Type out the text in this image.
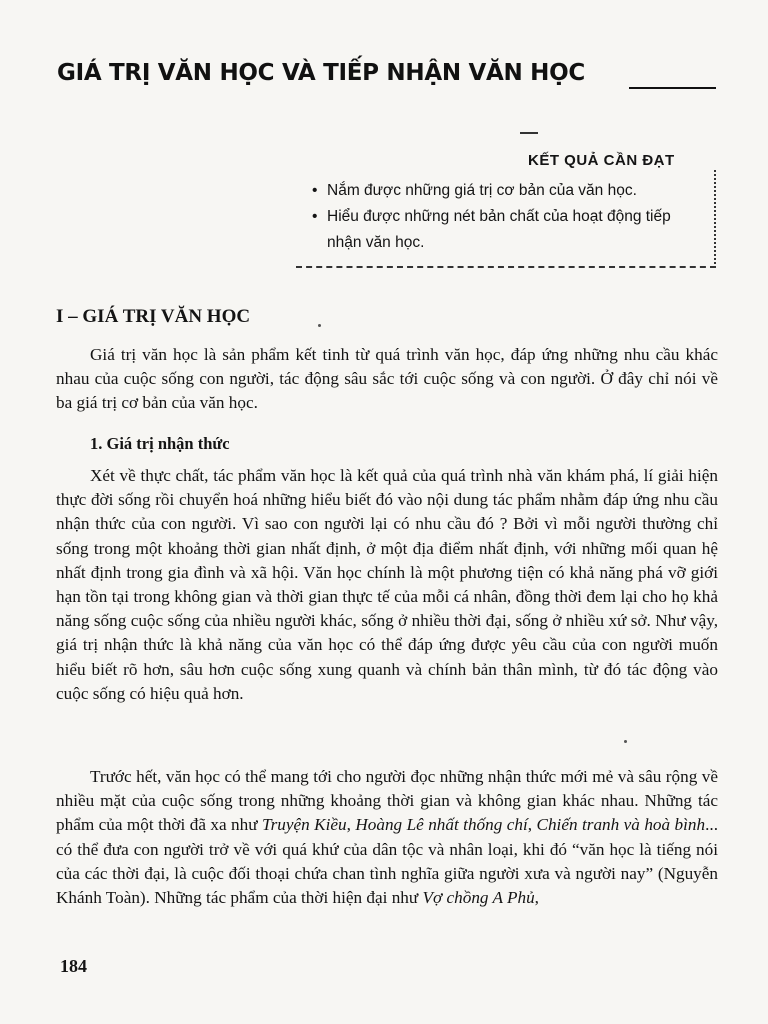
GIÁ TRỊ VĂN HỌC VÀ TIẾP NHẬN VĂN HỌC
KẾT QUẢ CẦN ĐẠT
• Nắm được những giá trị cơ bản của văn học.
• Hiểu được những nét bản chất của hoạt động tiếp nhận văn học.
I – GIÁ TRỊ VĂN HỌC
Giá trị văn học là sản phẩm kết tinh từ quá trình văn học, đáp ứng những nhu cầu khác nhau của cuộc sống con người, tác động sâu sắc tới cuộc sống và con người. Ở đây chỉ nói về ba giá trị cơ bản của văn học.
1. Giá trị nhận thức
Xét về thực chất, tác phẩm văn học là kết quả của quá trình nhà văn khám phá, lí giải hiện thực đời sống rồi chuyển hoá những hiểu biết đó vào nội dung tác phẩm nhằm đáp ứng nhu cầu nhận thức của con người. Vì sao con người lại có nhu cầu đó ? Bởi vì mỗi người thường chỉ sống trong một khoảng thời gian nhất định, ở một địa điểm nhất định, với những mối quan hệ nhất định trong gia đình và xã hội. Văn học chính là một phương tiện có khả năng phá vỡ giới hạn tồn tại trong không gian và thời gian thực tế của mỗi cá nhân, đồng thời đem lại cho họ khả năng sống cuộc sống của nhiều người khác, sống ở nhiều thời đại, sống ở nhiều xứ sở. Như vậy, giá trị nhận thức là khả năng của văn học có thể đáp ứng được yêu cầu của con người muốn hiểu biết rõ hơn, sâu hơn cuộc sống xung quanh và chính bản thân mình, từ đó tác động vào cuộc sống có hiệu quả hơn.
Trước hết, văn học có thể mang tới cho người đọc những nhận thức mới mẻ và sâu rộng về nhiều mặt của cuộc sống trong những khoảng thời gian và không gian khác nhau. Những tác phẩm của một thời đã xa như Truyện Kiều, Hoàng Lê nhất thống chí, Chiến tranh và hoà bình... có thể đưa con người trở về với quá khứ của dân tộc và nhân loại, khi đó “văn học là tiếng nói của các thời đại, là cuộc đối thoại chứa chan tình nghĩa giữa người xưa và người nay” (Nguyễn Khánh Toàn). Những tác phẩm của thời hiện đại như Vợ chồng A Phủ,
184
